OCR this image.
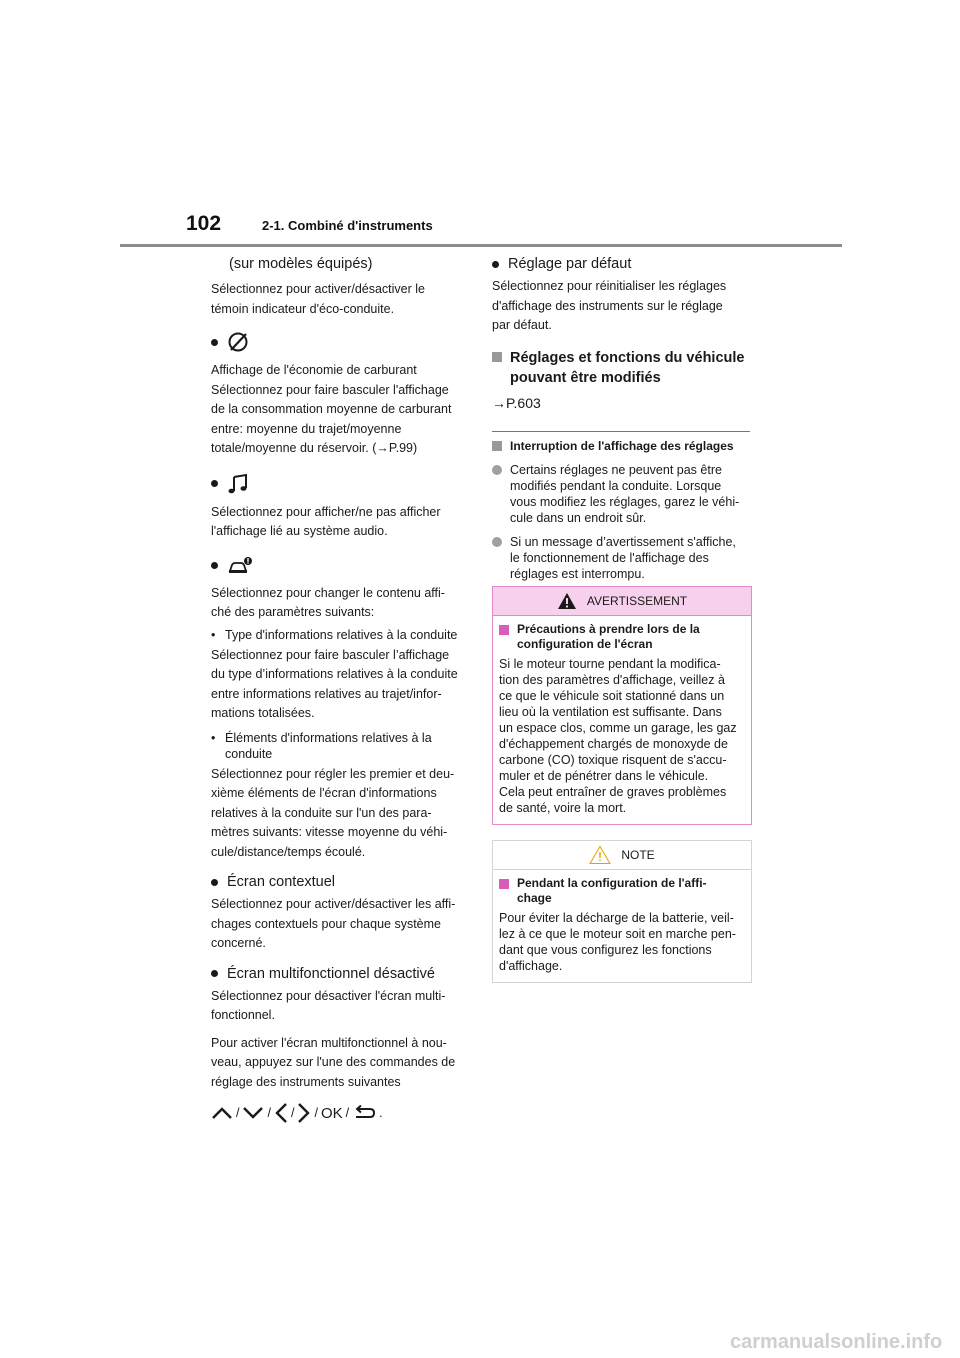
102	2-1. Combiné d'instruments

(sur modèles équipés)

Sélectionnez pour activer/désactiver le

témoin indicateur d'éco-conduite.

Affichage de l'économie de carburant

Sélectionnez pour faire basculer l'affichage

de la consommation moyenne de carburant

entre: moyenne du trajet/moyenne

totale/moyenne du réservoir. (→P.99)

Sélectionnez pour afficher/ne pas afficher

l'affichage lié au système audio.

Sélectionnez pour changer le contenu affi-

ché des paramètres suivants:

• Type d'informations relatives à la conduite

Sélectionnez pour faire basculer l’affichage

du type d’informations relatives à la conduite

entre informations relatives au trajet/infor-

mations totalisées.

• Éléments d'informations relatives à la
conduite

Sélectionnez pour régler les premier et deu-

xième éléments de l'écran d'informations

relatives à la conduite sur l'un des para-

mètres suivants: vitesse moyenne du véhi-

cule/distance/temps écoulé.

Écran contextuel

Sélectionnez pour activer/désactiver les affi-

chages contextuels pour chaque système

concerné.

Écran multifonctionnel désactivé

Sélectionnez pour désactiver l'écran multi-

fonctionnel.

Pour activer l'écran multifonctionnel à nou-

veau, appuyez sur l'une des commandes de

réglage des instruments suivantes

/ / / / OK / .
Réglage par défaut

Sélectionnez pour réinitialiser les réglages

d'affichage des instruments sur le réglage

par défaut.

Réglages et fonctions du véhicule
pouvant être modifiés

→P.603

Interruption de l'affichage des réglages

Certains réglages ne peuvent pas être
modifiés pendant la conduite. Lorsque
vous modifiez les réglages, garez le véhi-
cule dans un endroit sûr.

Si un message d’avertissement s'affiche,
le fonctionnement de l'affichage des
réglages est interrompu.

AVERTISSEMENT
Précautions à prendre lors de la
configuration de l'écran

Si le moteur tourne pendant la modifica-
tion des paramètres d'affichage, veillez à
ce que le véhicule soit stationné dans un
lieu où la ventilation est suffisante. Dans
un espace clos, comme un garage, les gaz
d'échappement chargés de monoxyde de
carbone (CO) toxique risquent de s'accu-
muler et de pénétrer dans le véhicule.
Cela peut entraîner de graves problèmes
de santé, voire la mort.

NOTE
Pendant la configuration de l'affi-
chage

Pour éviter la décharge de la batterie, veil-
lez à ce que le moteur soit en marche pen-
dant que vous configurez les fonctions
d'affichage.

carmanualsonline.info
